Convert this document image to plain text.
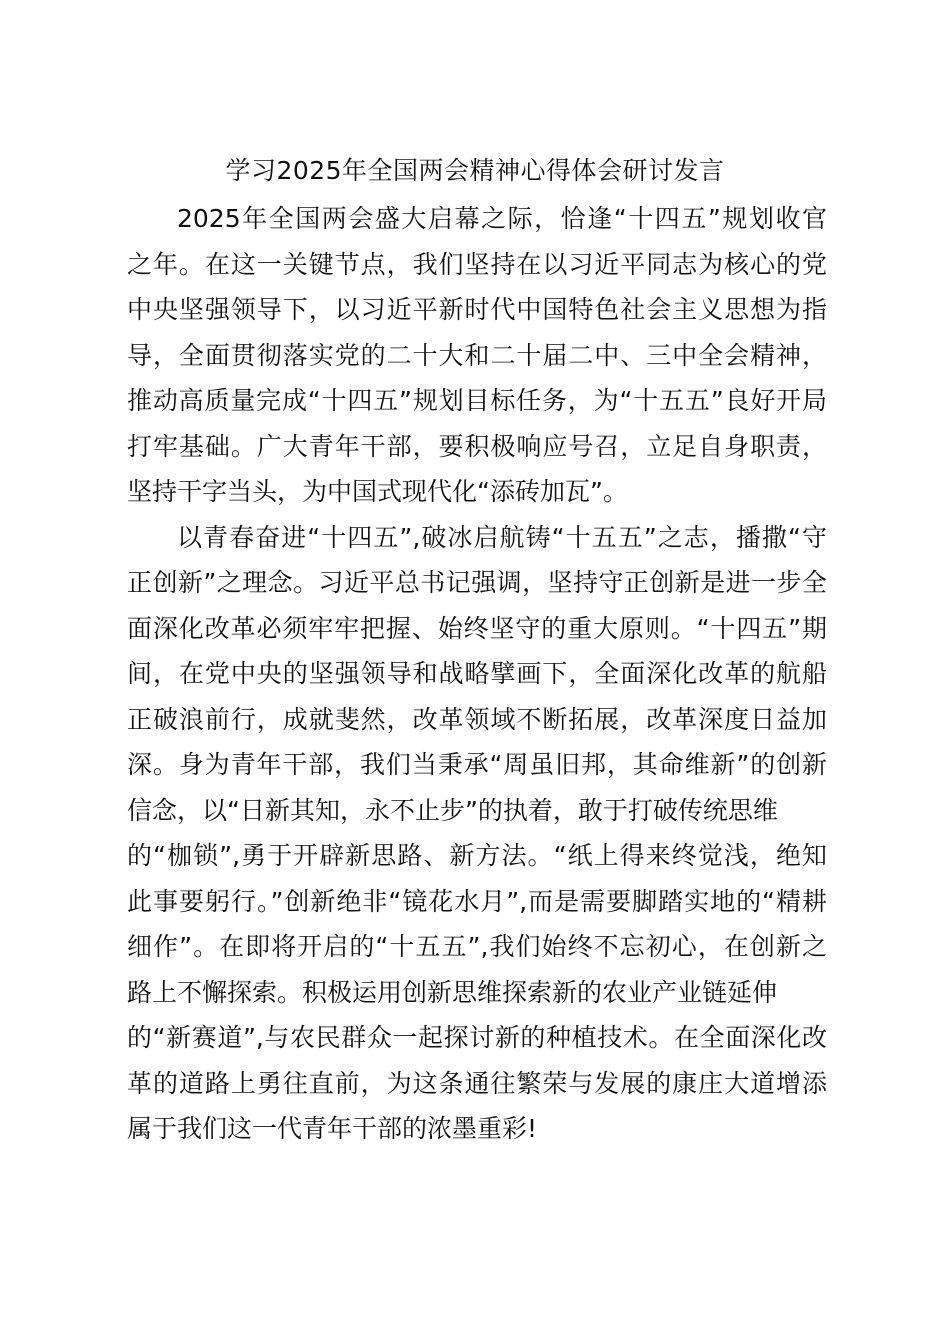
学习2025年全国两会精神心得体会研讨发言
2025年全国两会盛大启幕之际，恰逢“十四五”规划收官
之年。在这一关键节点，我们坚持在以习近平同志为核心的党
中央坚强领导下，以习近平新时代中国特色社会主义思想为指
导，全面贯彻落实党的二十大和二十届二中、三中全会精神，
推动高质量完成“十四五”规划目标任务，为“十五五”良好开局
打牢基础。广大青年干部，要积极响应号召，立足自身职责，
坚持干字当头，为中国式现代化“添砖加瓦”。
以青春奋进“十四五”,破冰启航铸“十五五”之志，播撒“守
正创新”之理念。习近平总书记强调，坚持守正创新是进一步全
面深化改革必须牢牢把握、始终坚守的重大原则。“十四五”期
间，在党中央的坚强领导和战略擘画下，全面深化改革的航船
正破浪前行，成就斐然，改革领域不断拓展，改革深度日益加
深。身为青年干部，我们当秉承“周虽旧邦，其命维新”的创新
信念，以“日新其知，永不止步”的执着，敢于打破传统思维
的“枷锁”,勇于开辟新思路、新方法。“纸上得来终觉浅，绝知
此事要躬行。”创新绝非“镜花水月”,而是需要脚踏实地的“精耕
细作”。在即将开启的“十五五”,我们始终不忘初心，在创新之
路上不懈探索。积极运用创新思维探索新的农业产业链延伸
的“新赛道”,与农民群众一起探讨新的种植技术。在全面深化改
革的道路上勇往直前，为这条通往繁荣与发展的康庄大道增添
属于我们这一代青年干部的浓墨重彩!
